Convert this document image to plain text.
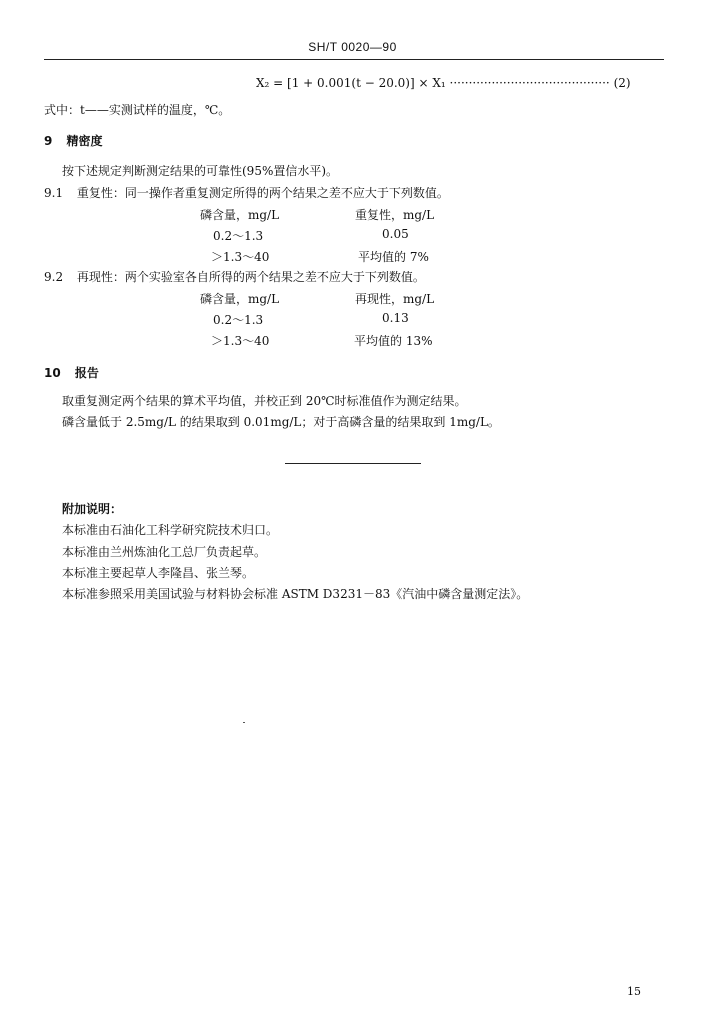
SH/T 0020—90
X₂ = [1 + 0.001(t − 20.0)] × X₁ ·········································· (2)
式中：t——实测试样的温度，℃。
9 精密度
按下述规定判断测定结果的可靠性(95%置信水平)。
9.1 重复性：同一操作者重复测定所得的两个结果之差不应大于下列数值。
磷含量，mg/L	重复性，mg/L
0.2～1.3	0.05
＞1.3～40	平均值的 7%
9.2 再现性：两个实验室各自所得的两个结果之差不应大于下列数值。
磷含量，mg/L	再现性，mg/L
0.2～1.3	0.13
＞1.3～40	平均值的 13%
10 报告
取重复测定两个结果的算术平均值，并校正到 20℃时标准值作为测定结果。
磷含量低于 2.5mg/L 的结果取到 0.01mg/L；对于高磷含量的结果取到 1mg/L。
附加说明：
本标准由石油化工科学研究院技术归口。
本标准由兰州炼油化工总厂负责起草。
本标准主要起草人李隆昌、张兰琴。
本标准参照采用美国试验与材料协会标准 ASTM D3231－83《汽油中磷含量测定法》。
15
